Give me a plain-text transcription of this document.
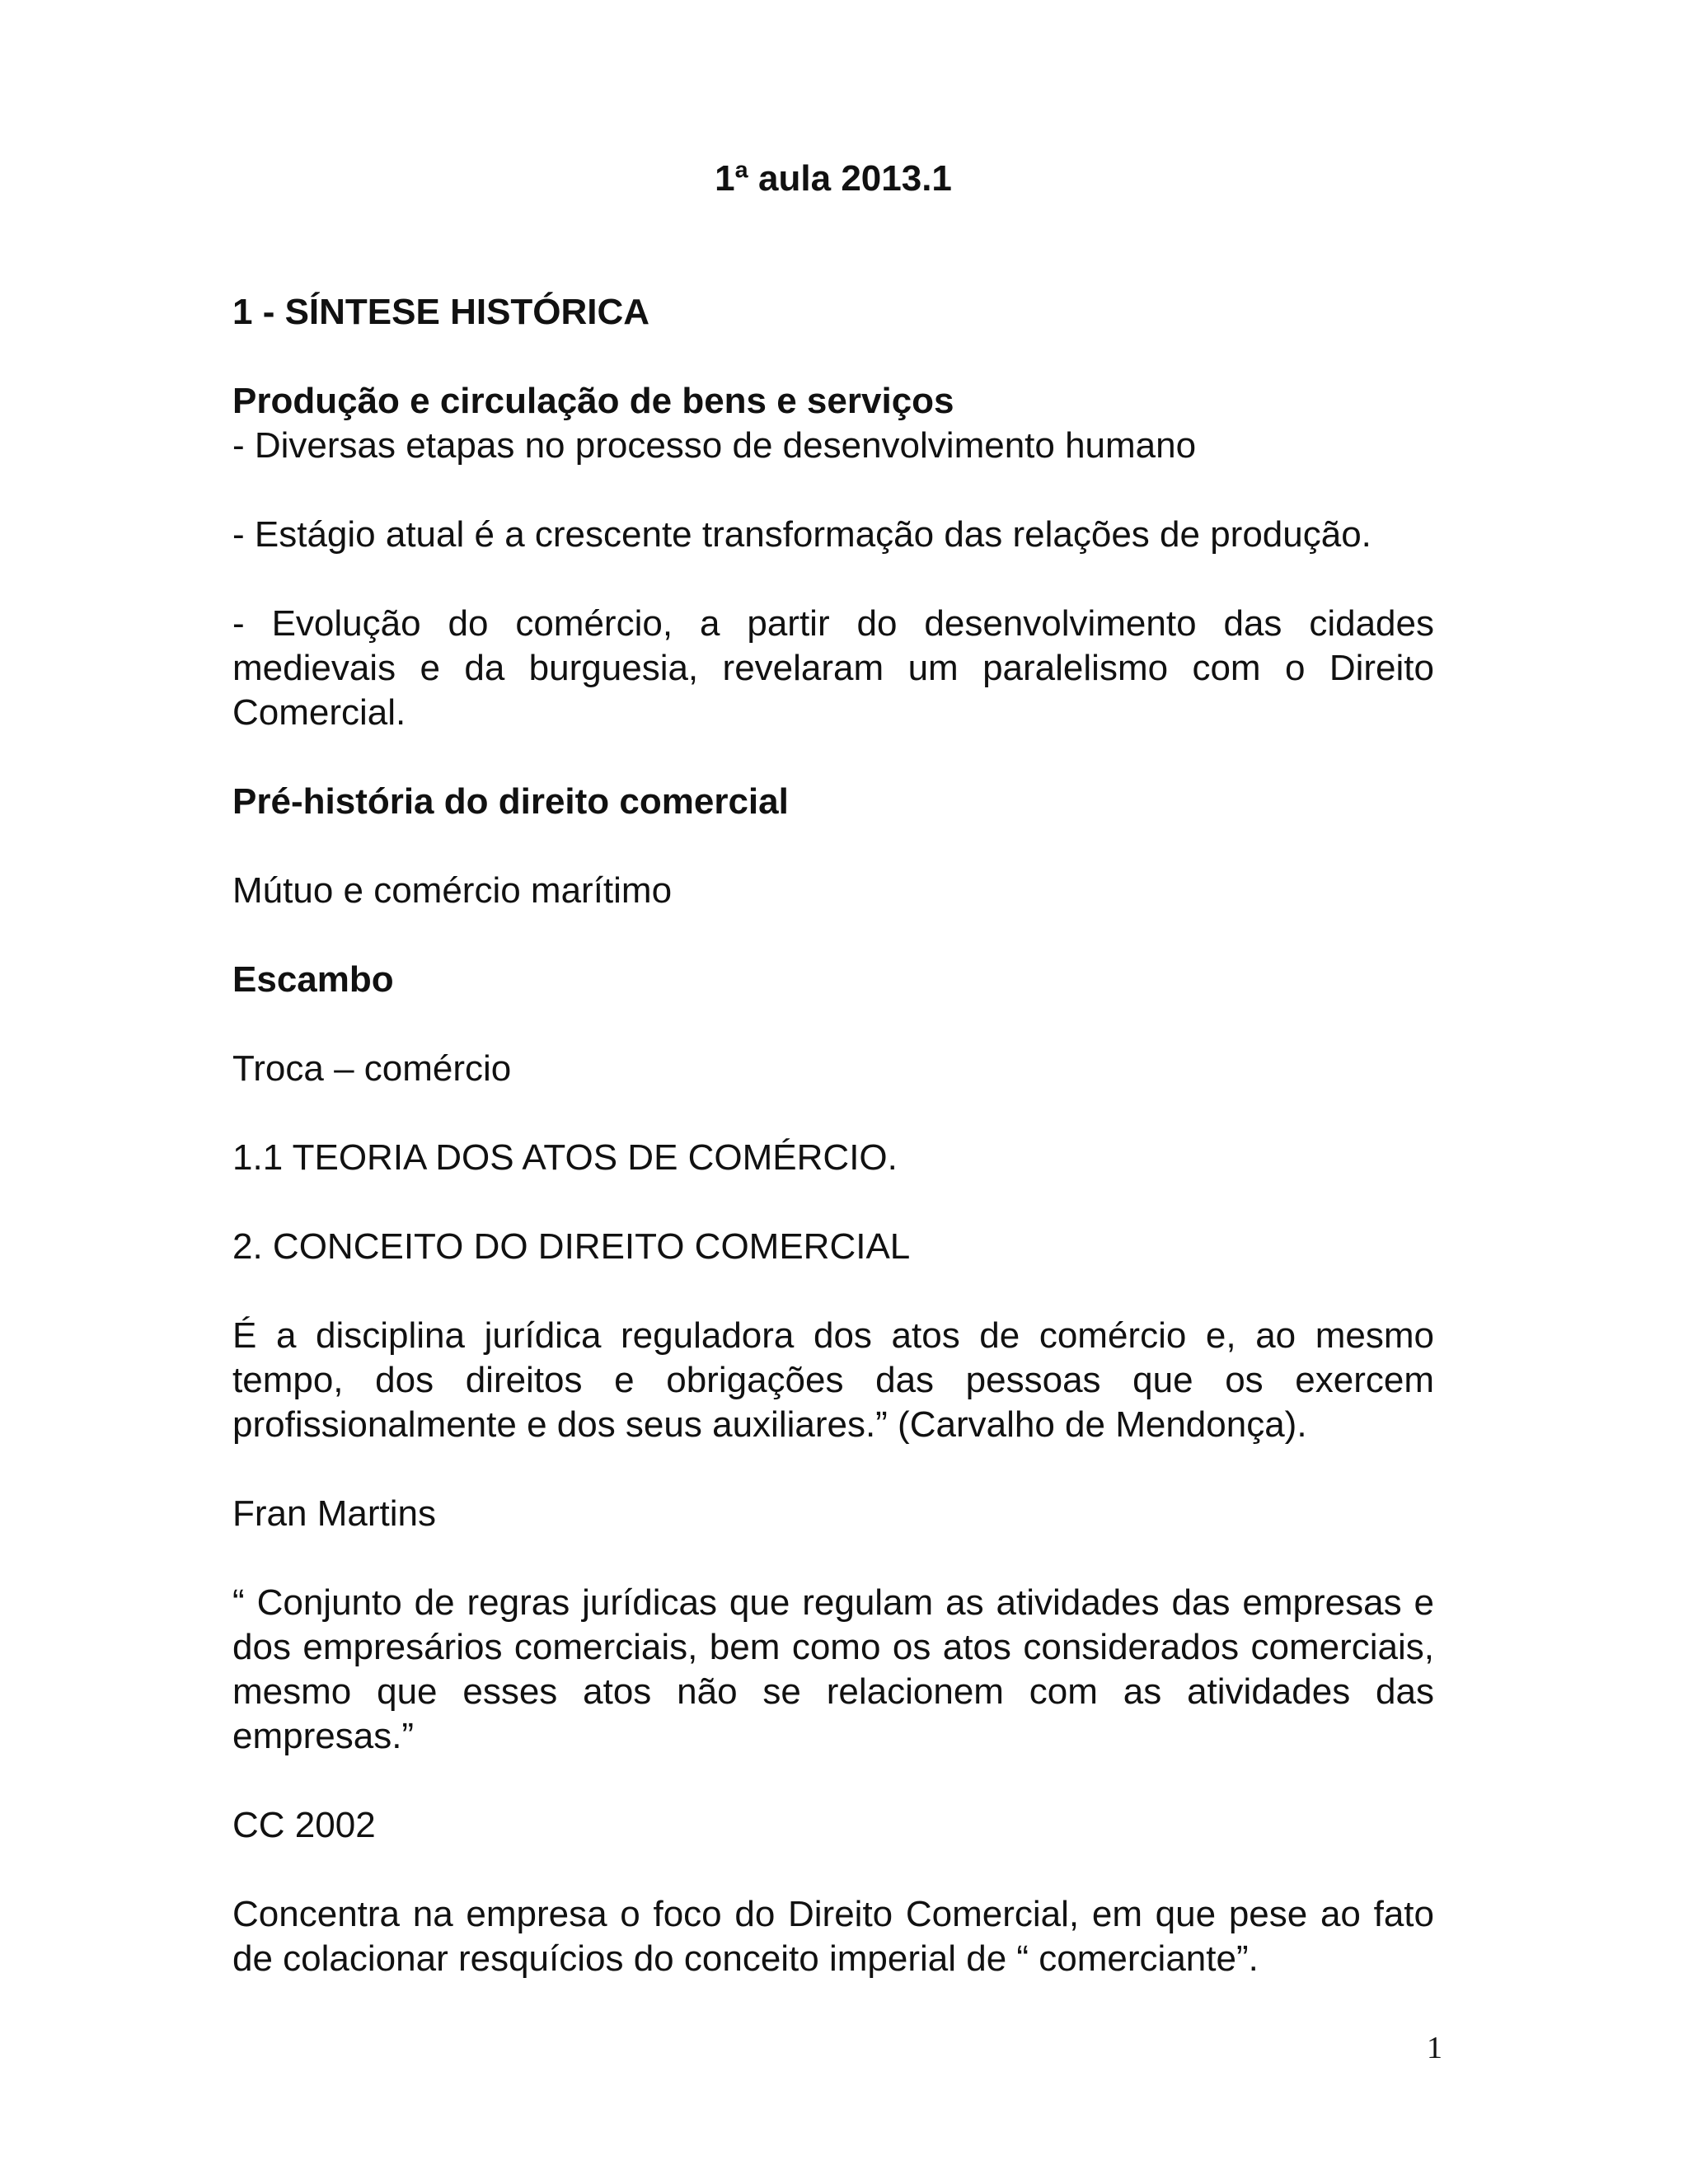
1ª aula 2013.1

1 - SÍNTESE HISTÓRICA

Produção e circulação de bens e serviços

- Diversas etapas no processo de desenvolvimento humano

- Estágio atual é a crescente transformação das relações de produção.

- Evolução do comércio, a partir do desenvolvimento das cidades medievais e da burguesia, revelaram um paralelismo com o Direito Comercial.

Pré-história do direito comercial

Mútuo e comércio marítimo

Escambo

Troca – comércio

1.1 TEORIA DOS ATOS DE COMÉRCIO.

2. CONCEITO DO DIREITO COMERCIAL

É a disciplina jurídica reguladora dos atos de comércio e, ao mesmo tempo, dos direitos e obrigações das pessoas que os exercem profissionalmente e dos seus auxiliares.” (Carvalho de Mendonça).

Fran Martins

“ Conjunto de regras jurídicas que regulam as atividades das empresas e dos empresários comerciais, bem como os atos considerados comerciais, mesmo que esses atos não se relacionem com as atividades das empresas.”

CC 2002

Concentra na empresa o foco do Direito Comercial, em que pese ao fato de colacionar resquícios do conceito imperial de “ comerciante”.

1
